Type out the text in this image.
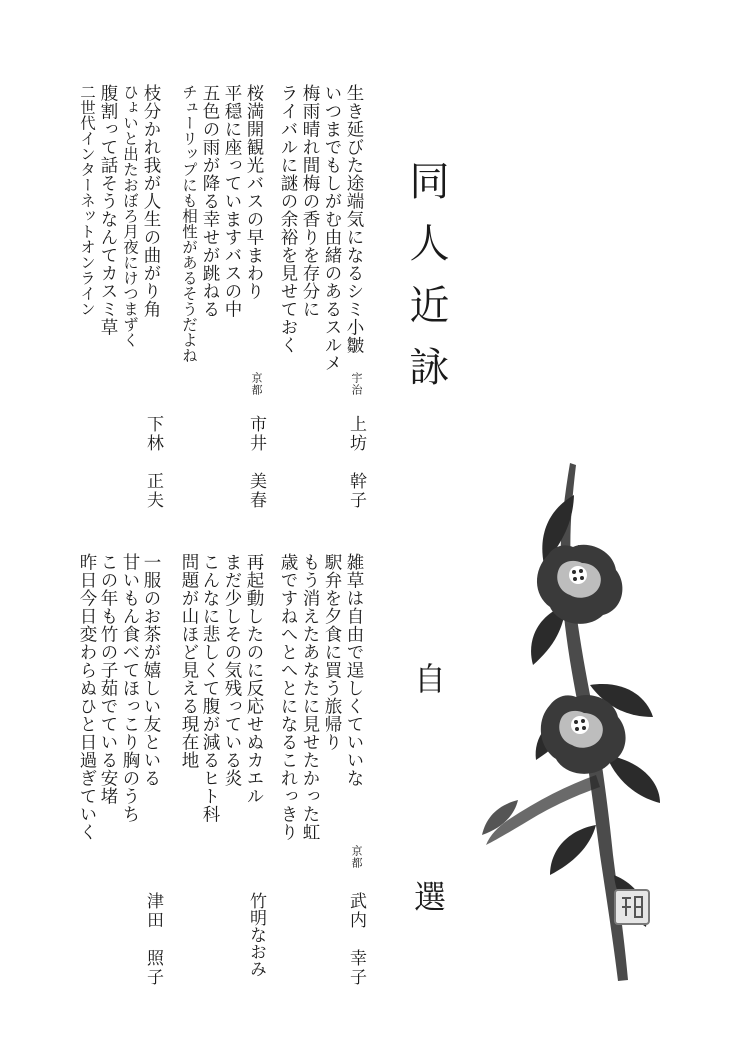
同人近詠
自
選
生き延びた途端気になるシミ小皺
いつまでもしがむ由緒のあるスルメ
梅雨晴れ間梅の香りを存分に
ライバルに謎の余裕を見せておく
宇治
上坊　幹子
桜満開観光バスの早まわり
平穏に座っていますバスの中
五色の雨が降る幸せが跳ねる
チューリップにも相性があるそうだよね
京都
市井　美春
枝分かれ我が人生の曲がり角
ひょいと出たおぼろ月夜にけつまずく
腹割って話そうなんてカスミ草
二世代インターネットオンライン
下林　正夫
雑草は自由で逞しくていいな
駅弁を夕食に買う旅帰り
もう消えたあなたに見せたかった虹
歳ですねへとへとになるこれっきり
京都
武内　幸子
再起動したのに反応せぬカエル
まだ少しその気残っている炎
こんなに悲しくて腹が減るヒト科
問題が山ほど見える現在地
竹明なおみ
一服のお茶が嬉しい友といる
甘いもん食べてほっこり胸のうち
この年も竹の子茹でている安堵
昨日今日変わらぬひと日過ぎていく
津田　照子
